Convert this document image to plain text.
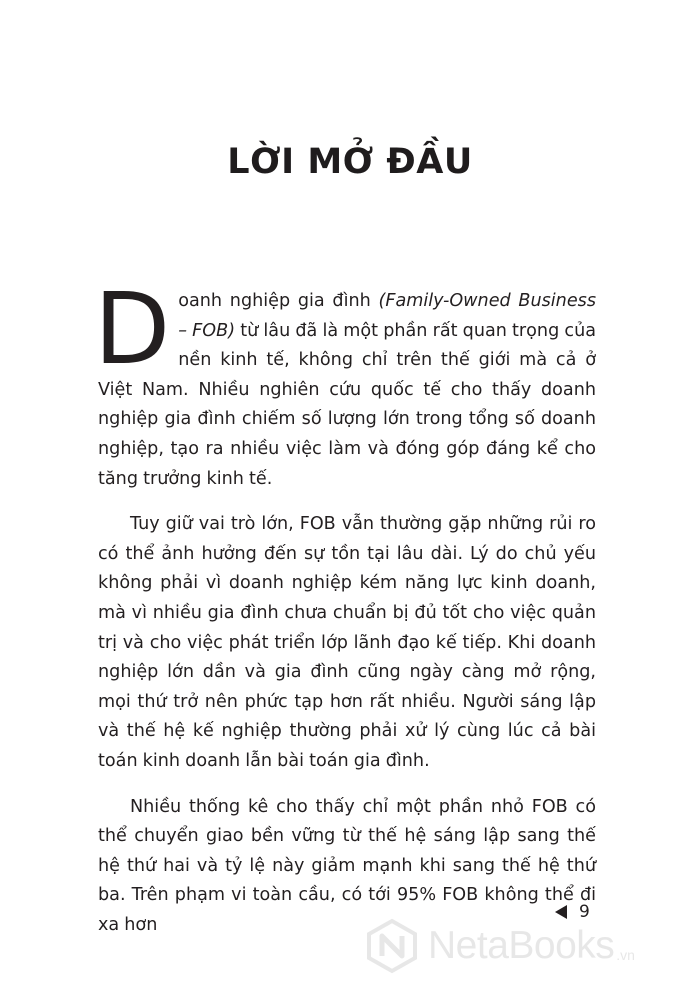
LỜI MỞ ĐẦU

Doanh nghiệp gia đình (Family-Owned Business – FOB) từ lâu đã là một phần rất quan trọng của nền kinh tế, không chỉ trên thế giới mà cả ở Việt Nam. Nhiều nghiên cứu quốc tế cho thấy doanh nghiệp gia đình chiếm số lượng lớn trong tổng số doanh nghiệp, tạo ra nhiều việc làm và đóng góp đáng kể cho tăng trưởng kinh tế.

Tuy giữ vai trò lớn, FOB vẫn thường gặp những rủi ro có thể ảnh hưởng đến sự tồn tại lâu dài. Lý do chủ yếu không phải vì doanh nghiệp kém năng lực kinh doanh, mà vì nhiều gia đình chưa chuẩn bị đủ tốt cho việc quản trị và cho việc phát triển lớp lãnh đạo kế tiếp. Khi doanh nghiệp lớn dần và gia đình cũng ngày càng mở rộng, mọi thứ trở nên phức tạp hơn rất nhiều. Người sáng lập và thế hệ kế nghiệp thường phải xử lý cùng lúc cả bài toán kinh doanh lẫn bài toán gia đình.

Nhiều thống kê cho thấy chỉ một phần nhỏ FOB có thể chuyển giao bền vững từ thế hệ sáng lập sang thế hệ thứ hai và tỷ lệ này giảm mạnh khi sang thế hệ thứ ba. Trên phạm vi toàn cầu, có tới 95% FOB không thể đi xa hơn

9
NetaBooks .vn
